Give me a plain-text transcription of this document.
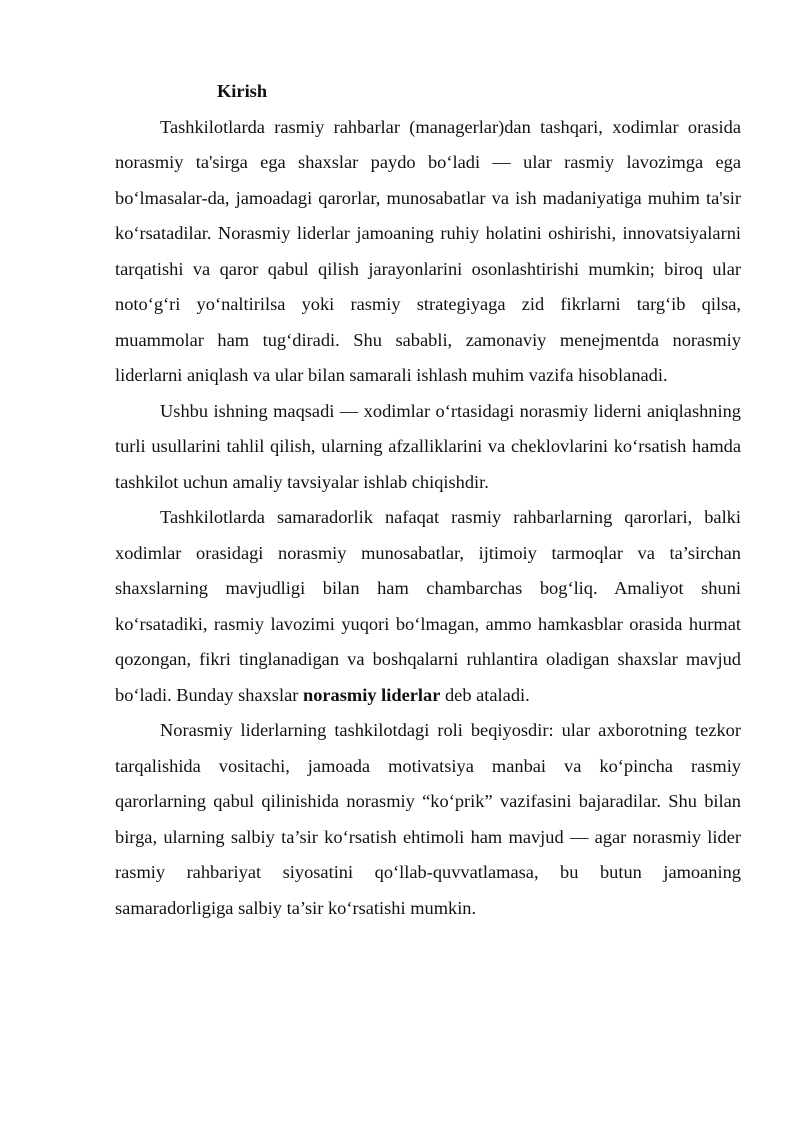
Kirish

Tashkilotlarda rasmiy rahbarlar (managerlar)dan tashqari, xodimlar orasida norasmiy ta'sirga ega shaxslar paydo bo‘ladi — ular rasmiy lavozimga ega bo‘lmasalar-da, jamoadagi qarorlar, munosabatlar va ish madaniyatiga muhim ta'sir ko‘rsatadilar. Norasmiy liderlar jamoaning ruhiy holatini oshirishi, innovatsiyalarni tarqatishi va qaror qabul qilish jarayonlarini osonlashtirishi mumkin; biroq ular noto‘g‘ri yo‘naltirilsa yoki rasmiy strategiyaga zid fikrlarni targ‘ib qilsa, muammolar ham tug‘diradi. Shu sababli, zamonaviy menejmentda norasmiy liderlarni aniqlash va ular bilan samarali ishlash muhim vazifa hisoblanadi.

Ushbu ishning maqsadi — xodimlar o‘rtasidagi norasmiy liderni aniqlashning turli usullarini tahlil qilish, ularning afzalliklarini va cheklovlarini ko‘rsatish hamda tashkilot uchun amaliy tavsiyalar ishlab chiqishdir.

Tashkilotlarda samaradorlik nafaqat rasmiy rahbarlarning qarorlari, balki xodimlar orasidagi norasmiy munosabatlar, ijtimoiy tarmoqlar va ta’sirchan shaxslarning mavjudligi bilan ham chambarchas bog‘liq. Amaliyot shuni ko‘rsatadiki, rasmiy lavozimi yuqori bo‘lmagan, ammo hamkasblar orasida hurmat qozongan, fikri tinglanadigan va boshqalarni ruhlantira oladigan shaxslar mavjud bo‘ladi. Bunday shaxslar norasmiy liderlar deb ataladi.

Norasmiy liderlarning tashkilotdagi roli beqiyosdir: ular axborotning tezkor tarqalishida vositachi, jamoada motivatsiya manbai va ko‘pincha rasmiy qarorlarning qabul qilinishida norasmiy “ko‘prik” vazifasini bajaradilar. Shu bilan birga, ularning salbiy ta’sir ko‘rsatish ehtimoli ham mavjud — agar norasmiy lider rasmiy rahbariyat siyosatini qo‘llab-quvvatlamasa, bu butun jamoaning samaradorligiga salbiy ta’sir ko‘rsatishi mumkin.
